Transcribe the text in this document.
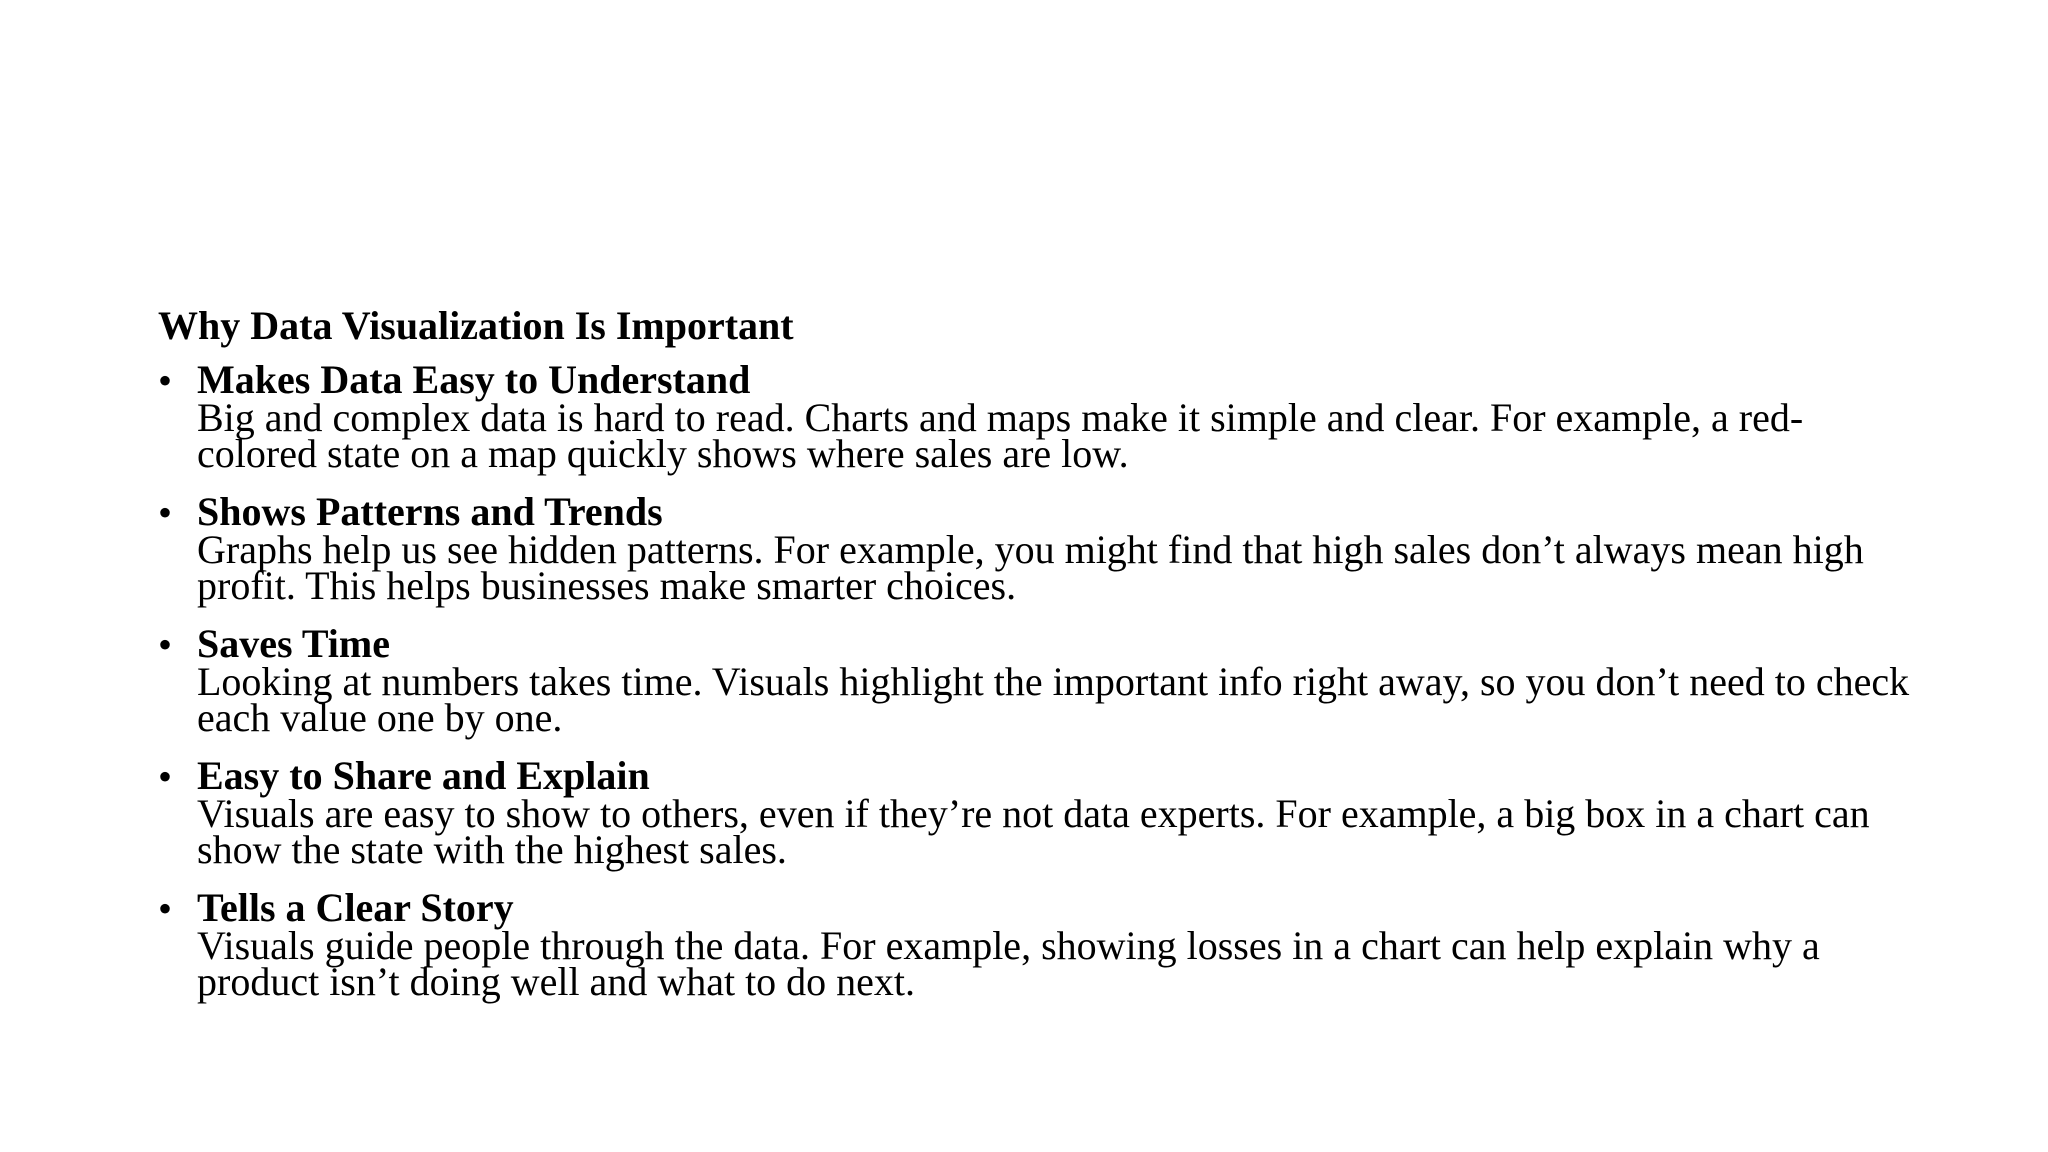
Why Data Visualization Is Important
• Makes Data Easy to Understand
Big and complex data is hard to read. Charts and maps make it simple and clear. For example, a red-colored state on a map quickly shows where sales are low.
• Shows Patterns and Trends
Graphs help us see hidden patterns. For example, you might find that high sales don’t always mean high profit. This helps businesses make smarter choices.
• Saves Time
Looking at numbers takes time. Visuals highlight the important info right away, so you don’t need to check each value one by one.
• Easy to Share and Explain
Visuals are easy to show to others, even if they’re not data experts. For example, a big box in a chart can show the state with the highest sales.
• Tells a Clear Story
Visuals guide people through the data. For example, showing losses in a chart can help explain why a product isn’t doing well and what to do next.
